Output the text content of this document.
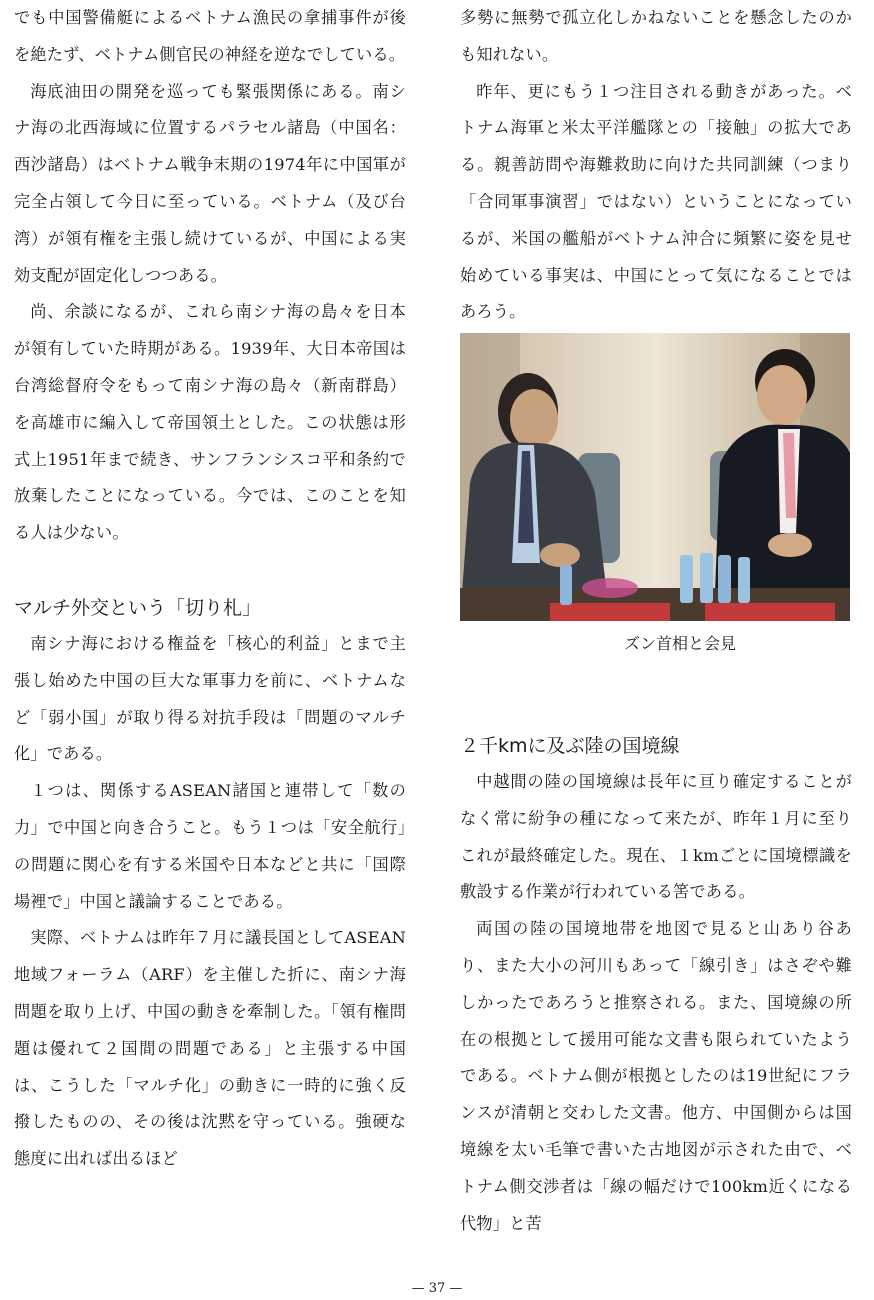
でも中国警備艇によるベトナム漁民の拿捕事件が後を絶たず、ベトナム側官民の神経を逆なでしている。

海底油田の開発を巡っても緊張関係にある。南シナ海の北西海域に位置するパラセル諸島（中国名：西沙諸島）はベトナム戦争末期の1974年に中国軍が完全占領して今日に至っている。ベトナム（及び台湾）が領有権を主張し続けているが、中国による実効支配が固定化しつつある。

尚、余談になるが、これら南シナ海の島々を日本が領有していた時期がある。1939年、大日本帝国は台湾総督府令をもって南シナ海の島々（新南群島）を高雄市に編入して帝国領土とした。この状態は形式上1951年まで続き、サンフランシスコ平和条約で放棄したことになっている。今では、このことを知る人は少ない。

マルチ外交という「切り札」

南シナ海における権益を「核心的利益」とまで主張し始めた中国の巨大な軍事力を前に、ベトナムなど「弱小国」が取り得る対抗手段は「問題のマルチ化」である。

１つは、関係するASEAN諸国と連帯して「数の力」で中国と向き合うこと。もう１つは「安全航行」の問題に関心を有する米国や日本などと共に「国際場裡で」中国と議論することである。

実際、ベトナムは昨年７月に議長国としてASEAN地域フォーラム（ARF）を主催した折に、南シナ海問題を取り上げ、中国の動きを牽制した。「領有権問題は優れて２国間の問題である」と主張する中国は、こうした「マルチ化」の動きに一時的に強く反撥したものの、その後は沈黙を守っている。強硬な態度に出れば出るほど

多勢に無勢で孤立化しかねないことを懸念したのかも知れない。

昨年、更にもう１つ注目される動きがあった。ベトナム海軍と米太平洋艦隊との「接触」の拡大である。親善訪問や海難救助に向けた共同訓練（つまり「合同軍事演習」ではない）ということになっているが、米国の艦船がベトナム沖合に頻繁に姿を見せ始めている事実は、中国にとって気になることではあろう。

ズン首相と会見
２千kmに及ぶ陸の国境線

中越間の陸の国境線は長年に亘り確定することがなく常に紛争の種になって来たが、昨年１月に至りこれが最終確定した。現在、１kmごとに国境標識を敷設する作業が行われている筈である。

両国の陸の国境地帯を地図で見ると山あり谷あり、また大小の河川もあって「線引き」はさぞや難しかったであろうと推察される。また、国境線の所在の根拠として援用可能な文書も限られていたようである。ベトナム側が根拠としたのは19世紀にフランスが清朝と交わした文書。他方、中国側からは国境線を太い毛筆で書いた古地図が示された由で、ベトナム側交渉者は「線の幅だけで100km近くになる代物」と苦

— 37 —
